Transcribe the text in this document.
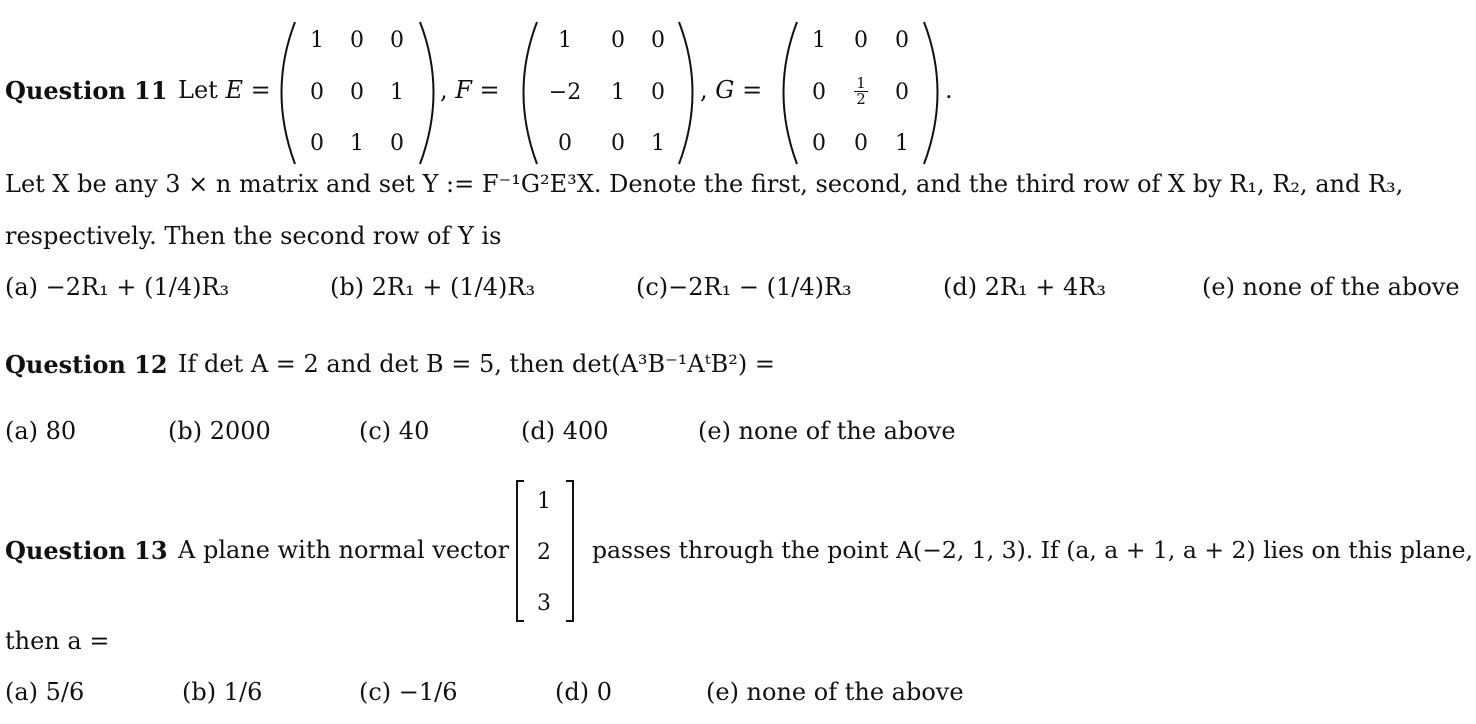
Question 11 Let E =
1	0	0
0	0	1
0	1	0
, F =
1	0	0
−2	1	0
0	0	1
, G =
1	0	0
0	$\frac{1}{2}$	0
0	0	1
.
Let X be any 3 × n matrix and set Y := F⁻¹G²E³X. Denote the first, second, and the third row of X by R₁, R₂, and R₃,
respectively. Then the second row of Y is
(a) −2R₁ + (1/4)R₃	(b) 2R₁ + (1/4)R₃	(c)−2R₁ − (1/4)R₃	(d) 2R₁ + 4R₃	(e) none of the above
Question 12 If det A = 2 and det B = 5, then det(A³B⁻¹AᵗB²) =
(a) 80	(b) 2000	(c) 40	(d) 400	(e) none of the above
Question 13 A plane with normal vector
1
2
3
passes through the point A(−2, 1, 3). If (a, a + 1, a + 2) lies on this plane,
then a =
(a) 5/6	(b) 1/6	(c) −1/6	(d) 0	(e) none of the above
